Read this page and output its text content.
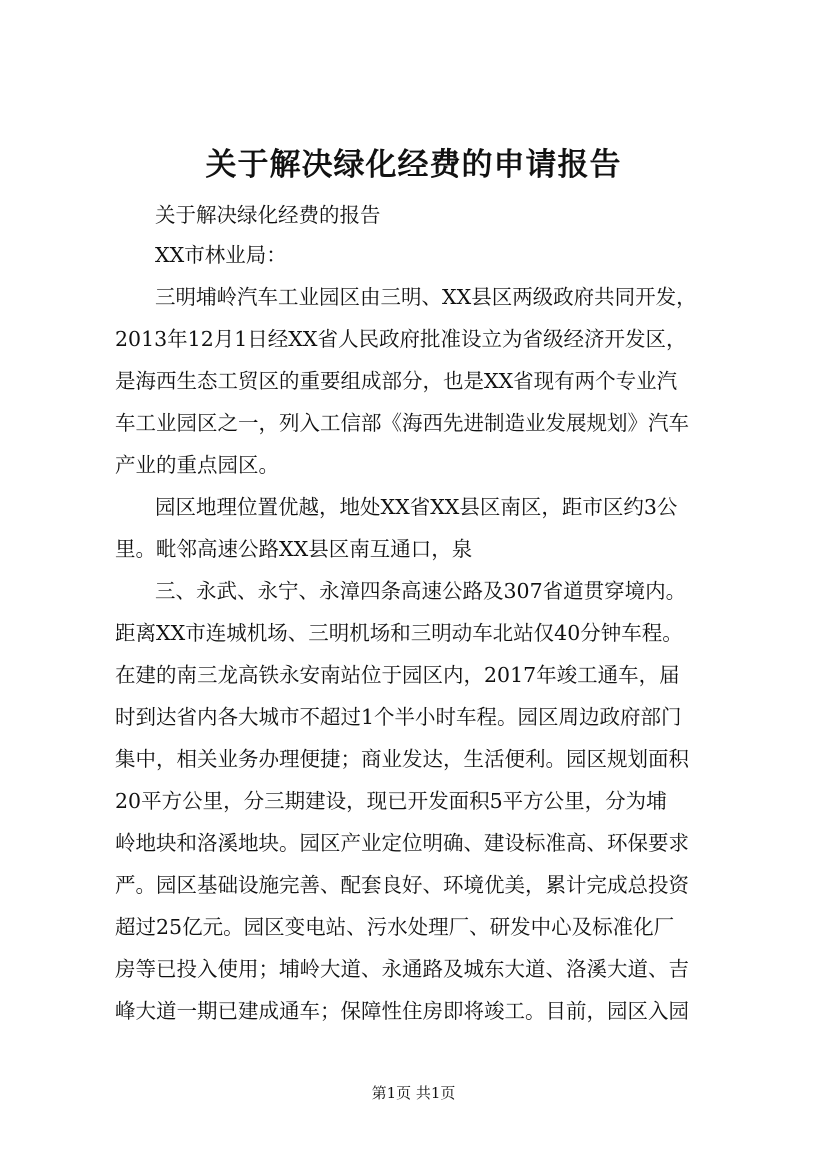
关于解决绿化经费的申请报告
关于解决绿化经费的报告
XX市林业局：
三明埔岭汽车工业园区由三明、XX县区两级政府共同开发，
2013年12月1日经XX省人民政府批准设立为省级经济开发区，
是海西生态工贸区的重要组成部分，也是XX省现有两个专业汽
车工业园区之一，列入工信部《海西先进制造业发展规划》汽车
产业的重点园区。
园区地理位置优越，地处XX省XX县区南区，距市区约3公
里。毗邻高速公路XX县区南互通口，泉
三、永武、永宁、永漳四条高速公路及307省道贯穿境内。
距离XX市连城机场、三明机场和三明动车北站仅40分钟车程。
在建的南三龙高铁永安南站位于园区内，2017年竣工通车，届
时到达省内各大城市不超过1个半小时车程。园区周边政府部门
集中，相关业务办理便捷；商业发达，生活便利。园区规划面积
20平方公里，分三期建设，现已开发面积5平方公里，分为埔
岭地块和洛溪地块。园区产业定位明确、建设标准高、环保要求
严。园区基础设施完善、配套良好、环境优美，累计完成总投资
超过25亿元。园区变电站、污水处理厂、研发中心及标准化厂
房等已投入使用；埔岭大道、永通路及城东大道、洛溪大道、吉
峰大道一期已建成通车；保障性住房即将竣工。目前，园区入园
第1页 共1页
